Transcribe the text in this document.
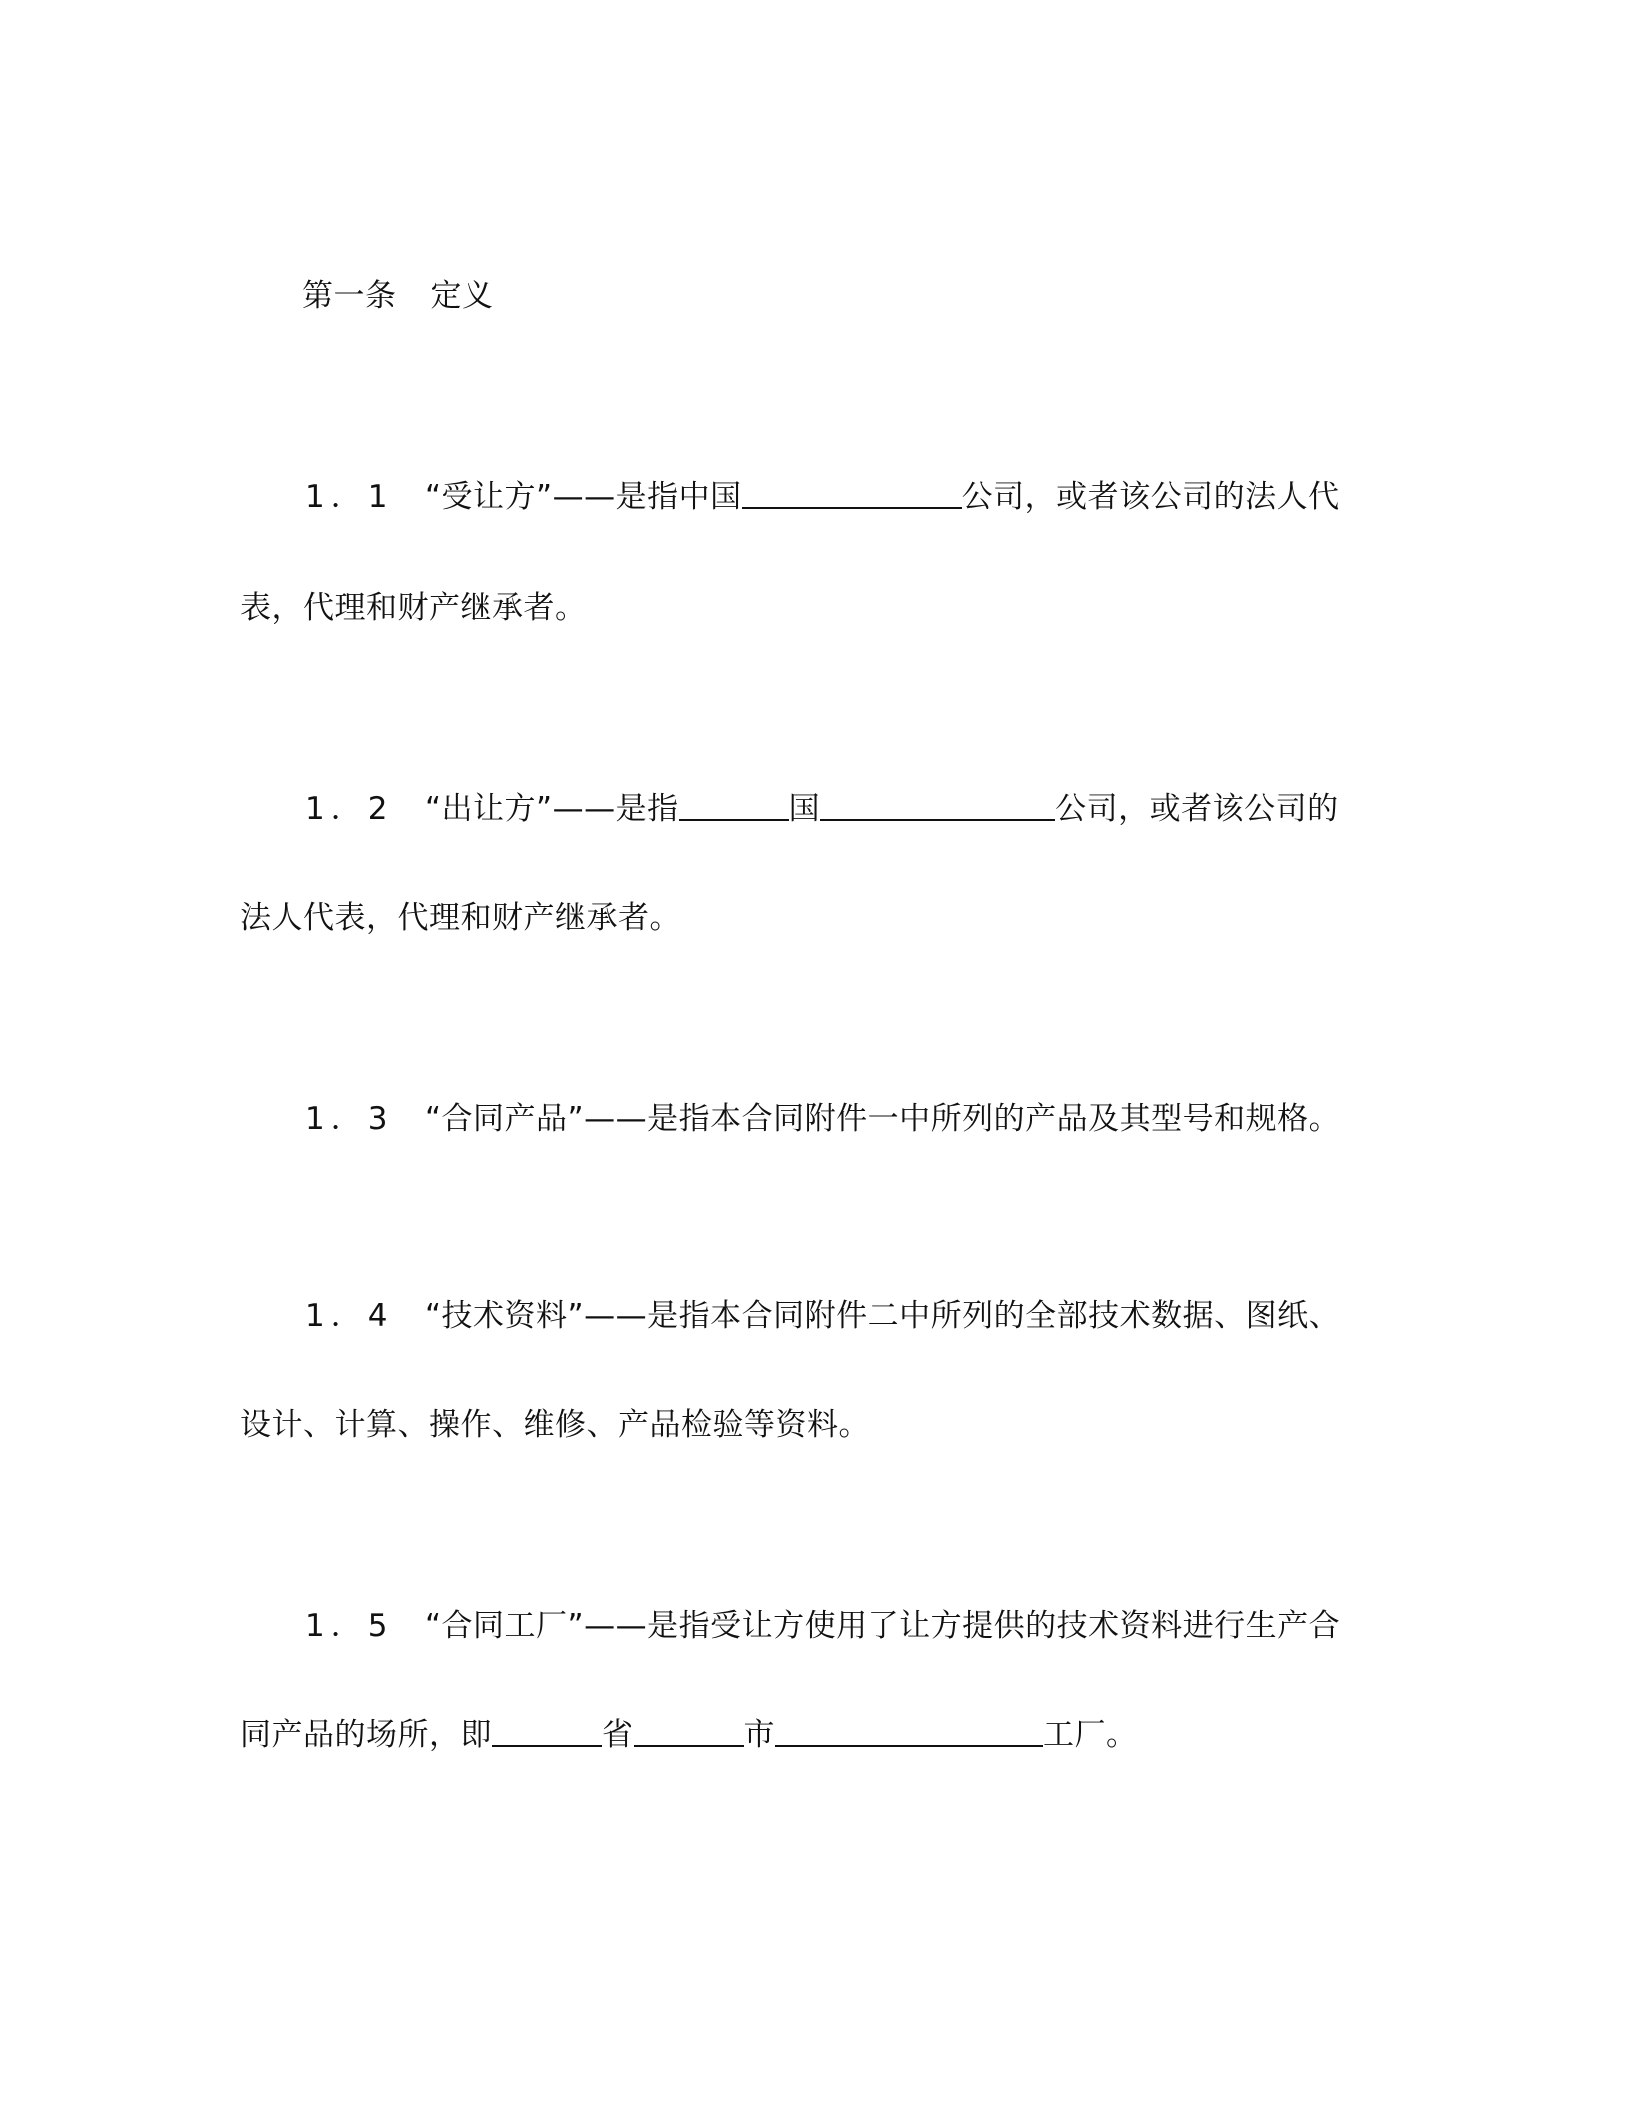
第一条 定义
1．1 “受让方”——是指中国	公司，或者该公司的法人代
表，代理和财产继承者。
1．2 “出让方”——是指	国	公司，或者该公司的
法人代表，代理和财产继承者。
1．3 “合同产品”——是指本合同附件一中所列的产品及其型号和规格。
1．4 “技术资料”——是指本合同附件二中所列的全部技术数据、图纸、
设计、计算、操作、维修、产品检验等资料。
1．5 “合同工厂”——是指受让方使用了让方提供的技术资料进行生产合
同产品的场所，即	省	市	工厂。
